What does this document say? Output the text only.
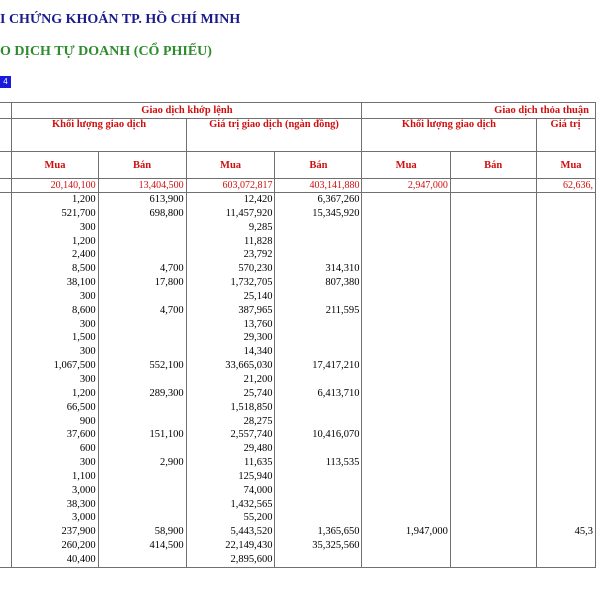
I CHỨNG KHOÁN TP. HỒ CHÍ MINH
O DỊCH TỰ DOANH (CỔ PHIẾU)
4
	Giao dịch khớp lệnh				Giao dịch thỏa thuận		
	Khối lượng giao dịch		Giá trị giao dịch (ngàn đồng)		Khối lượng giao dịch		Giá trị
	Mua	Bán	Mua	Bán	Mua	Bán	Mua
	20,140,100	13,404,500	603,072,817	403,141,880	2,947,000		62,636,
	1,200	613,900	12,420	6,367,260			
	521,700	698,800	11,457,920	15,345,920			
	300		9,285				
	1,200		11,828				
	2,400		23,792				
	8,500	4,700	570,230	314,310			
	38,100	17,800	1,732,705	807,380			
	300		25,140				
	8,600	4,700	387,965	211,595			
	300		13,760				
	1,500		29,300				
	300		14,340				
	1,067,500	552,100	33,665,030	17,417,210			
	300		21,200				
	1,200	289,300	25,740	6,413,710			
	66,500		1,518,850				
	900		28,275				
	37,600	151,100	2,557,740	10,416,070			
	600		29,480				
	300	2,900	11,635	113,535			
	1,100		125,940				
	3,000		74,000				
	38,300		1,432,565				
	3,000		55,200				
	237,900	58,900	5,443,520	1,365,650	1,947,000		45,3
	260,200	414,500	22,149,430	35,325,560			
	40,400		2,895,600				
